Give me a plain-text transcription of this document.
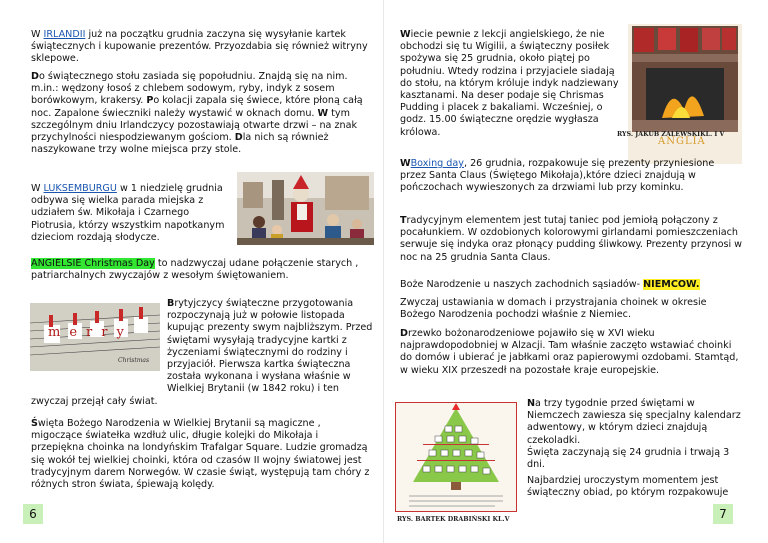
W IRLANDII już na początku grudnia zaczyna się wysyłanie kartek świątecznych i kupowanie prezentów. Przyozdabia się również witryny sklepowe.

Do świątecznego stołu zasiada się popołudniu. Znajdą się na nim. m.in.: wędzony łosoś z chlebem sodowym, ryby, indyk z sosem borówkowym, krakersy. Po kolacji zapala się świece, które płoną całą noc. Zapalone świeczniki należy wystawić w oknach domu. W tym szczególnym dniu Irlandczycy pozostawiają otwarte drzwi – na znak przychylności niespodziewanym gościom. Dla nich są również naszykowane trzy wolne miejsca przy stole.

W LUKSEMBURGU w 1 niedzielę grudnia odbywa się wielka parada miejska z udziałem św. Mikołaja i Czarnego Piotrusia, którzy wszystkim napotkanym dzieciom rozdają słodycze.

ANGIELSIE Christmas Day to nadzwyczaj udane połączenie starych , patriarchalnych zwyczajów z wesołym świętowaniem.

merry
Christmas

Brytyjczycy świąteczne przygotowania rozpoczynają już w połowie listopada kupując prezenty swym najbliższym. Przed świętami wysyłają tradycyjne kartki z życzeniami świątecznymi do rodziny i przyjaciół. Pierwsza kartka świąteczna została wykonana i wysłana właśnie w Wielkiej Brytanii (w 1842 roku) i ten zwyczaj przejął cały świat.

Święta Bożego Narodzenia w Wielkiej Brytanii są magiczne , migoczące światełka wzdłuż ulic, długie kolejki do Mikołaja i przepiękna choinka na londyńskim Trafalgar Square. Ludzie gromadzą się wokół tej wielkiej choinki, która od czasów II wojny światowej jest tradycyjnym darem Norwegów. W czasie świąt, występują tam chóry z różnych stron świata, śpiewają kolędy.

6

Wiecie pewnie z lekcji angielskiego, że nie obchodzi się tu Wigilii, a świąteczny posiłek spożywa się 25 grudnia, około piątej po południu. Wtedy rodzina i przyjaciele siadają do stołu, na którym króluje indyk nadziewany kasztanami. Na deser podaje się Chrismas Pudding i placek z bakaliami. Wcześniej, o godz. 15.00 świąteczne orędzie wygłasza królowa.

ANGLIA
RYS. JAKUB ZALEWSKIKL. I V

WBoxing day, 26 grudnia, rozpakowuje się prezenty przyniesione przez Santa Claus (Świętego Mikołaja),które dzieci znajdują w pończochach wywieszonych za drzwiami lub przy kominku.

Tradycyjnym elementem jest tutaj taniec pod jemiołą połączony z pocałunkiem. W ozdobionych kolorowymi girlandami pomieszczeniach serwuje się indyka oraz płonący pudding śliwkowy. Prezenty przynosi w noc na 25 grudnia Santa Claus.

Boże Narodzenie u naszych zachodnich sąsiadów- NIEMCOW.

Zwyczaj ustawiania w domach i przystrajania choinek w okresie Bożego Narodzenia pochodzi właśnie z Niemiec.

Drzewko bożonarodzeniowe pojawiło się w XVI wieku najprawdopodobniej w Alzacji. Tam właśnie zaczęto wstawiać choinki do domów i ubierać je jabłkami oraz papierowymi ozdobami. Stamtąd, w wieku XIX przeszedł na pozostałe kraje europejskie.

Na trzy tygodnie przed świętami w Niemczech zawiesza się specjalny kalendarz adwentowy, w którym dzieci znajdują czekoladki.

Święta zaczynają się 24 grudnia i trwają 3 dni.

Najbardziej uroczystym momentem jest świąteczny obiad, po którym rozpakowuje

RYS. BARTEK DRABIŃSKI KL.V	7
